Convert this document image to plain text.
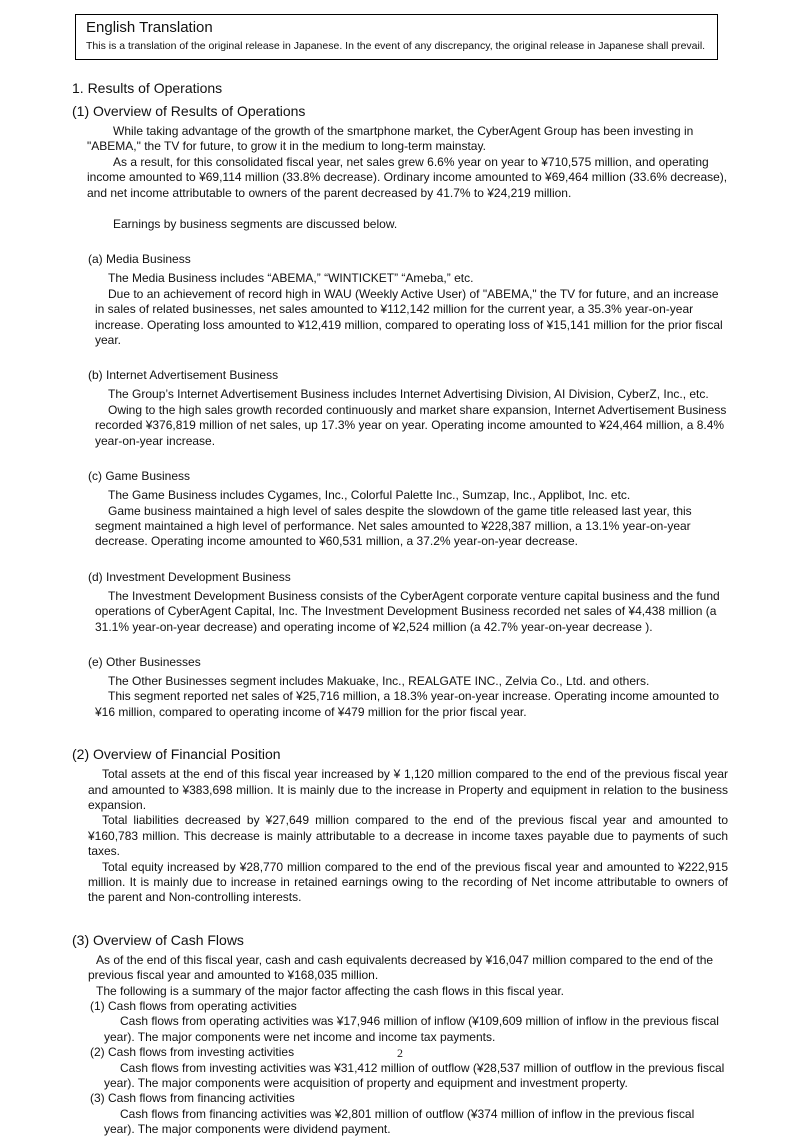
English Translation
This is a translation of the original release in Japanese. In the event of any discrepancy, the original release in Japanese shall prevail.
1. Results of Operations
(1) Overview of Results of Operations

While taking advantage of the growth of the smartphone market, the CyberAgent Group has been investing in "ABEMA," the TV for future, to grow it in the medium to long-term mainstay.

As a result, for this consolidated fiscal year, net sales grew 6.6% year on year to ¥710,575 million, and operating income amounted to ¥69,114 million (33.8% decrease). Ordinary income amounted to ¥69,464 million (33.6% decrease), and net income attributable to owners of the parent decreased by 41.7% to ¥24,219 million.

Earnings by business segments are discussed below.

(a) Media Business

The Media Business includes “ABEMA,” “WINTICKET” “Ameba,” etc.

Due to an achievement of record high in WAU (Weekly Active User) of "ABEMA," the TV for future, and an increase in sales of related businesses, net sales amounted to ¥112,142 million for the current year, a 35.3% year-on-year increase. Operating loss amounted to ¥12,419 million, compared to operating loss of ¥15,141 million for the prior fiscal year.

(b) Internet Advertisement Business

The Group’s Internet Advertisement Business includes Internet Advertising Division, AI Division, CyberZ, Inc., etc.

Owing to the high sales growth recorded continuously and market share expansion, Internet Advertisement Business recorded ¥376,819 million of net sales, up 17.3% year on year. Operating income amounted to ¥24,464 million, a 8.4% year-on-year increase.

(c) Game Business

The Game Business includes Cygames, Inc., Colorful Palette Inc., Sumzap, Inc., Applibot, Inc. etc.

Game business maintained a high level of sales despite the slowdown of the game title released last year, this segment maintained a high level of performance. Net sales amounted to ¥228,387 million, a 13.1% year-on-year decrease. Operating income amounted to ¥60,531 million, a 37.2% year-on-year decrease.

(d) Investment Development Business

The Investment Development Business consists of the CyberAgent corporate venture capital business and the fund operations of CyberAgent Capital, Inc. The Investment Development Business recorded net sales of ¥4,438 million (a 31.1% year-on-year decrease) and operating income of ¥2,524 million (a 42.7% year-on-year decrease ).

(e) Other Businesses

The Other Businesses segment includes Makuake, Inc., REALGATE INC., Zelvia Co., Ltd. and others.

This segment reported net sales of ¥25,716 million, a 18.3% year-on-year increase. Operating income amounted to ¥16 million, compared to operating income of ¥479 million for the prior fiscal year.

(2) Overview of Financial Position

Total assets at the end of this fiscal year increased by ¥ 1,120 million compared to the end of the previous fiscal year and amounted to ¥383,698 million. It is mainly due to the increase in Property and equipment in relation to the business expansion.

Total liabilities decreased by ¥27,649 million compared to the end of the previous fiscal year and amounted to ¥160,783 million. This decrease is mainly attributable to a decrease in income taxes payable due to payments of such taxes.

Total equity increased by ¥28,770 million compared to the end of the previous fiscal year and amounted to ¥222,915 million. It is mainly due to increase in retained earnings owing to the recording of Net income attributable to owners of the parent and Non-controlling interests.

(3) Overview of Cash Flows

As of the end of this fiscal year, cash and cash equivalents decreased by ¥16,047 million compared to the end of the previous fiscal year and amounted to ¥168,035 million.

The following is a summary of the major factor affecting the cash flows in this fiscal year.

(1) Cash flows from operating activities

Cash flows from operating activities was ¥17,946 million of inflow (¥109,609 million of inflow in the previous fiscal year). The major components were net income and income tax payments.

(2) Cash flows from investing activities

Cash flows from investing activities was ¥31,412 million of outflow (¥28,537 million of outflow in the previous fiscal year). The major components were acquisition of property and equipment and investment property.

(3) Cash flows from financing activities

Cash flows from financing activities was ¥2,801 million of outflow (¥374 million of inflow in the previous fiscal year). The major components were dividend payment.

2
